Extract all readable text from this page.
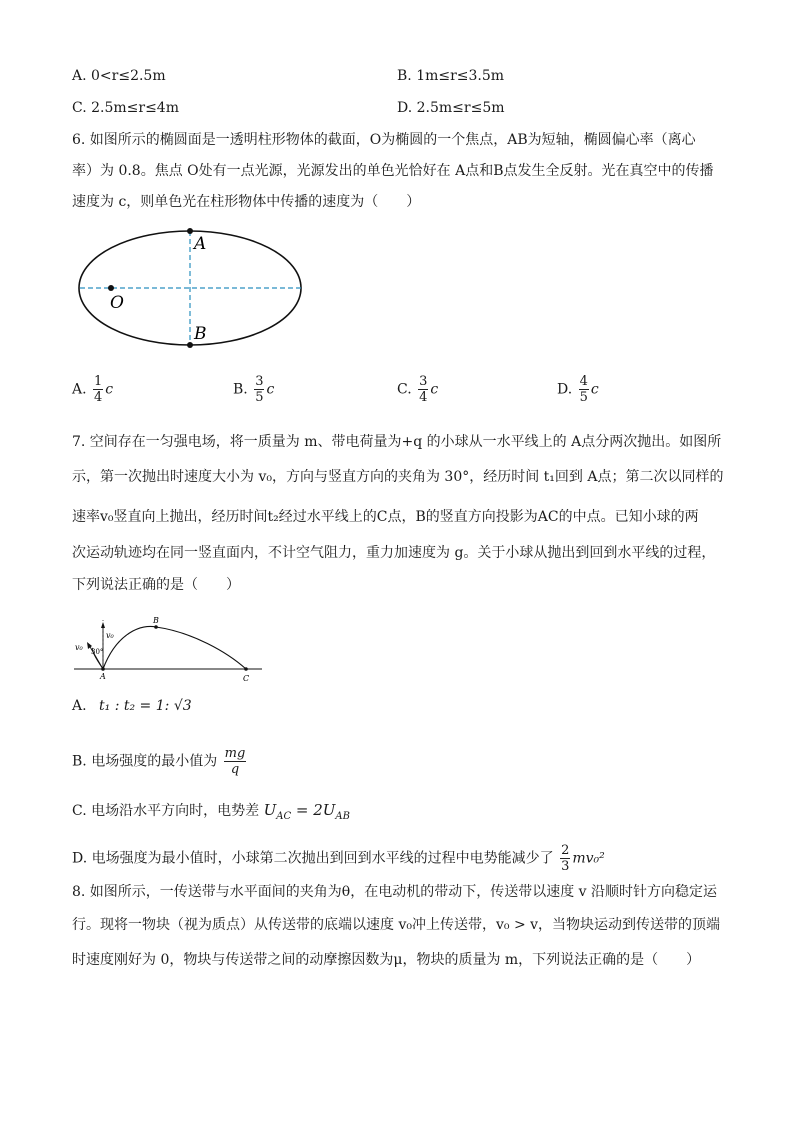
A. 0<r≤2.5m	B. 1m≤r≤3.5m
C. 2.5m≤r≤4m	D. 2.5m≤r≤5m
6. 如图所示的椭圆面是一透明柱形物体的截面，O为椭圆的一个焦点，AB为短轴，椭圆偏心率（离心
率）为 0.8。焦点 O处有一点光源，光源发出的单色光恰好在 A点和B点发生全反射。光在真空中的传播
速度为 c，则单色光在柱形物体中传播的速度为（　　）
A
O
B
A. $\frac{1}{4}$ c	B. $\frac{3}{5}$ c	C. $\frac{3}{4}$ c	D. $\frac{4}{5}$ c
7. 空间存在一匀强电场，将一质量为 m、带电荷量为+q 的小球从一水平线上的 A点分两次抛出。如图所
示，第一次抛出时速度大小为 v₀，方向与竖直方向的夹角为 30°，经历时间 t₁回到 A点；第二次以同样的
速率v₀竖直向上抛出，经历时间t₂经过水平线上的C点，B的竖直方向投影为AC的中点。已知小球的两
次运动轨迹均在同一竖直面内，不计空气阻力，重力加速度为 g。关于小球从抛出到回到水平线的过程，
下列说法正确的是（　　）
v₀
v₀ 30°
B
A	C
A. t₁ : t₂ = 1: √3
B. 电场强度的最小值为 $\frac{mg}{q}$
C. 电场沿水平方向时，电势差 $U_{AC} = 2U_{AB}$
D. 电场强度为最小值时，小球第二次抛出到回到水平线的过程中电势能减少了 $\frac{2}{3} mv_0^2$
8. 如图所示，一传送带与水平面间的夹角为θ，在电动机的带动下，传送带以速度 v 沿顺时针方向稳定运
行。现将一物块（视为质点）从传送带的底端以速度 v₀冲上传送带，v₀ > v，当物块运动到传送带的顶端
时速度刚好为 0，物块与传送带之间的动摩擦因数为μ，物块的质量为 m，下列说法正确的是（　　）
